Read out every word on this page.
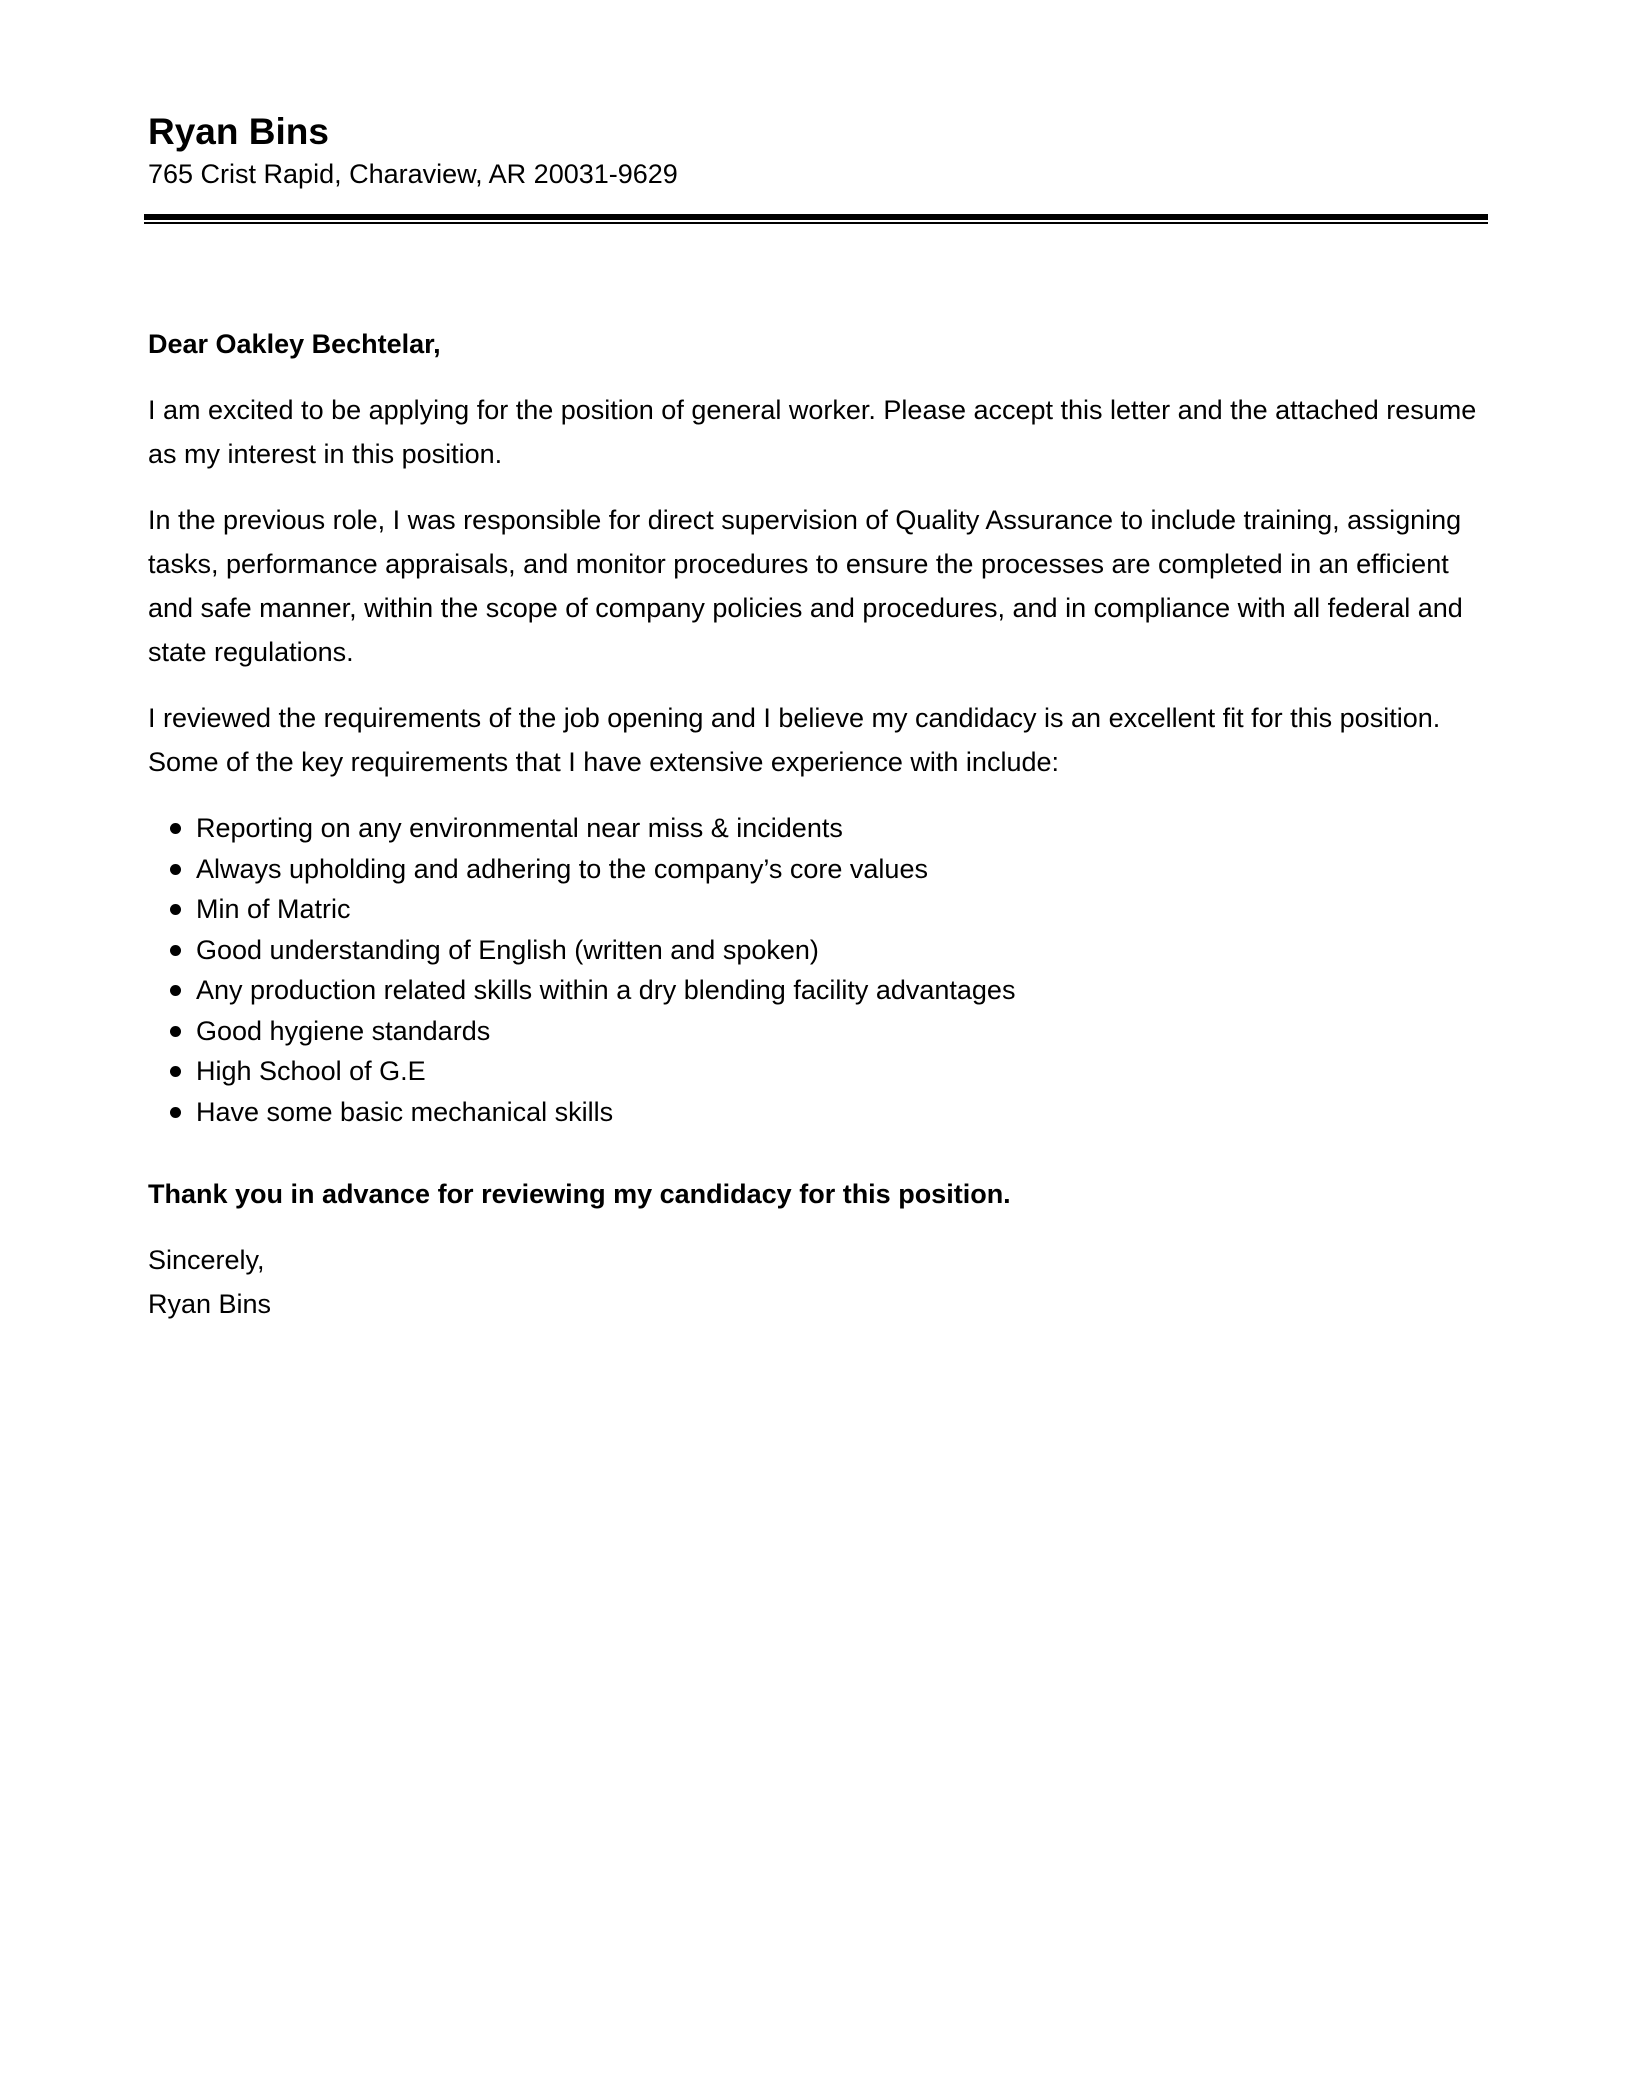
Ryan Bins
765 Crist Rapid, Charaview, AR 20031-9629
Dear Oakley Bechtelar,

I am excited to be applying for the position of general worker. Please accept this letter and the attached resume as my interest in this position.

In the previous role, I was responsible for direct supervision of Quality Assurance to include training, assigning tasks, performance appraisals, and monitor procedures to ensure the processes are completed in an efficient and safe manner, within the scope of company policies and procedures, and in compliance with all federal and state regulations.

I reviewed the requirements of the job opening and I believe my candidacy is an excellent fit for this position. Some of the key requirements that I have extensive experience with include:

Reporting on any environmental near miss & incidents
Always upholding and adhering to the company’s core values
Min of Matric
Good understanding of English (written and spoken)
Any production related skills within a dry blending facility advantages
Good hygiene standards
High School of G.E
Have some basic mechanical skills
Thank you in advance for reviewing my candidacy for this position.
Sincerely,
Ryan Bins
